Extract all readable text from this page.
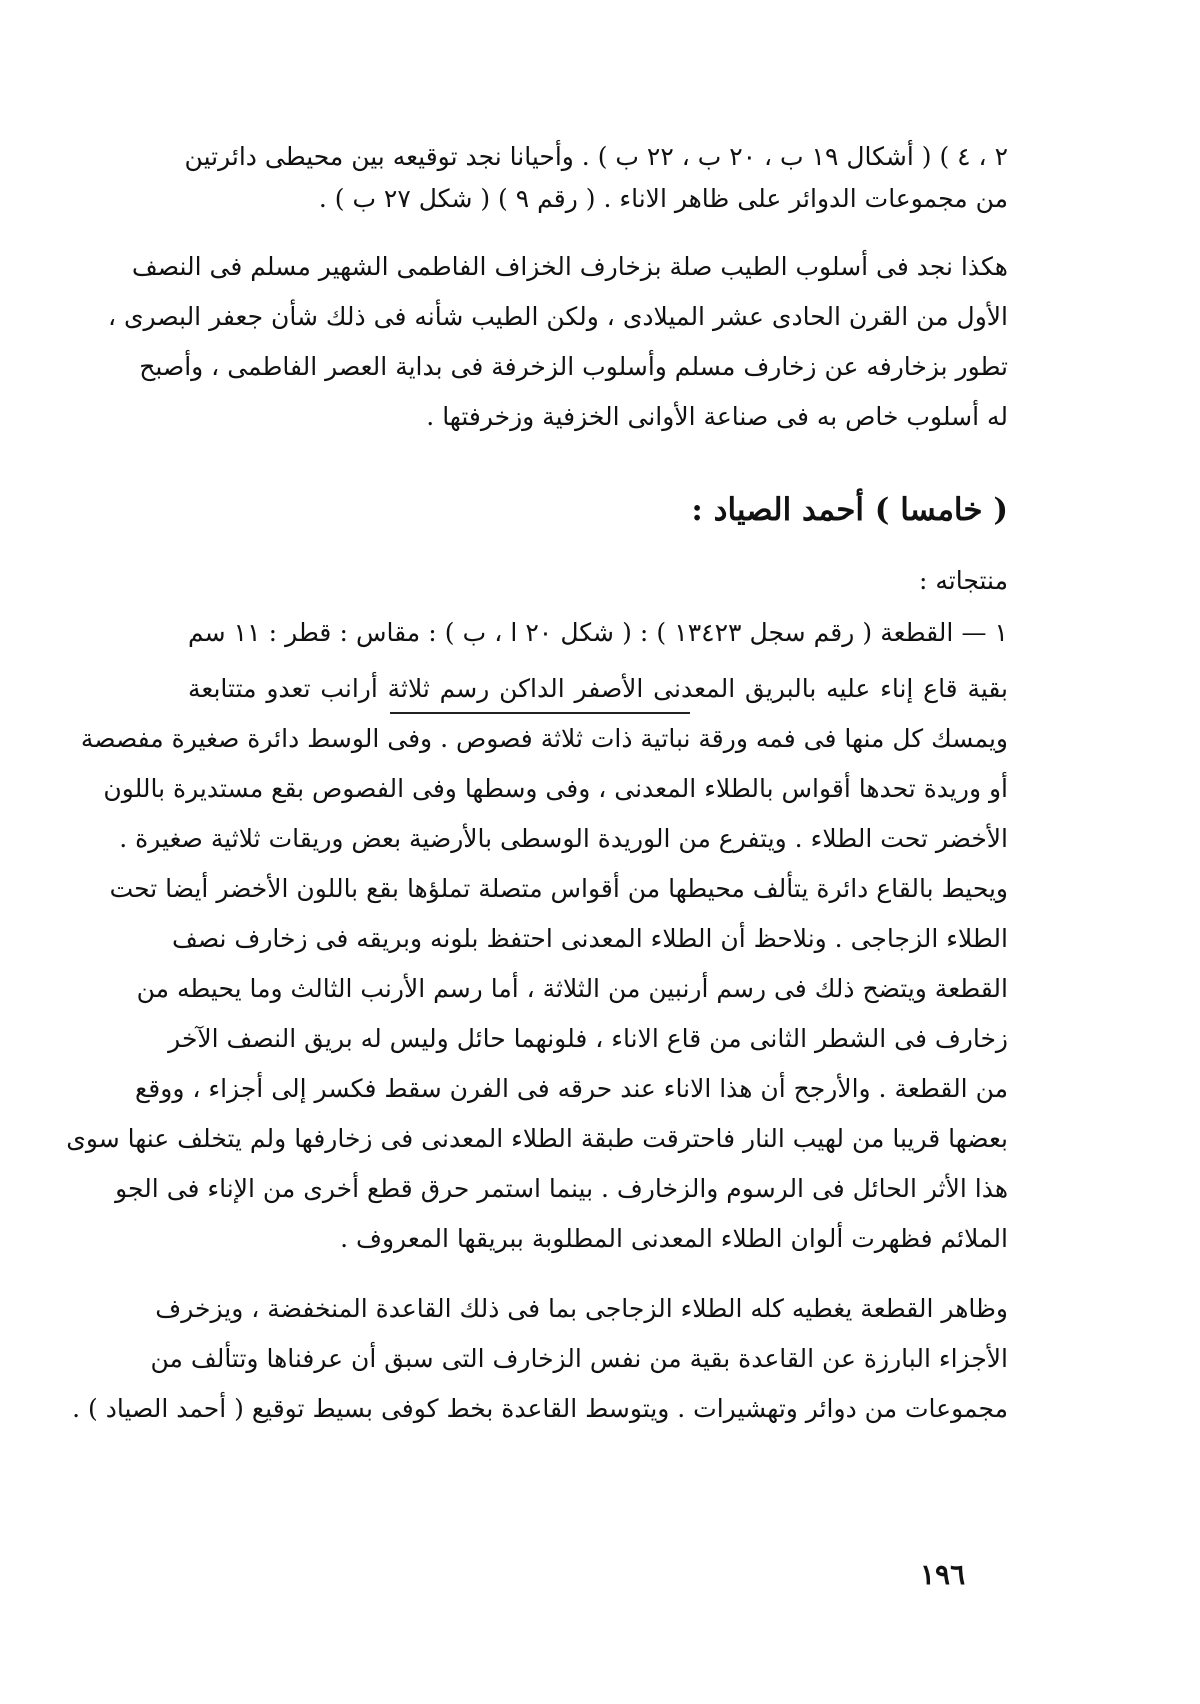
٢ ، ٤ ) ( أشكال ١٩ ب ، ٢٠ ب ، ٢٢ ب ) . وأحيانا نجد توقيعه بين محيطى دائرتين
من مجموعات الدوائر على ظاهر الاناء . ( رقم ٩ ) ( شكل ٢٧ ب ) .
هكذا نجد فى أسلوب الطيب صلة بزخارف الخزاف الفاطمى الشهير مسلم فى النصف
الأول من القرن الحادى عشر الميلادى ، ولكن الطيب شأنه فى ذلك شأن جعفر البصرى ،
تطور بزخارفه عن زخارف مسلم وأسلوب الزخرفة فى بداية العصر الفاطمى ، وأصبح
له أسلوب خاص به فى صناعة الأوانى الخزفية وزخرفتها .
( خامسا ) أحمد الصياد :
منتجاته :
١ — القطعة ( رقم سجل ١٣٤٢٣ ) : ( شكل ٢٠ ا ، ب ) : مقاس : قطر : ١١ سم
بقية قاع إناء عليه بالبريق المعدنى الأصفر الداكن رسم ثلاثة أرانب تعدو متتابعة
ويمسك كل منها فى فمه ورقة نباتية ذات ثلاثة فصوص . وفى الوسط دائرة صغيرة مفصصة
أو وريدة تحدها أقواس بالطلاء المعدنى ، وفى وسطها وفى الفصوص بقع مستديرة باللون
الأخضر تحت الطلاء . ويتفرع من الوريدة الوسطى بالأرضية بعض وريقات ثلاثية صغيرة .
ويحيط بالقاع دائرة يتألف محيطها من أقواس متصلة تملؤها بقع باللون الأخضر أيضا تحت
الطلاء الزجاجى . ونلاحظ أن الطلاء المعدنى احتفظ بلونه وبريقه فى زخارف نصف
القطعة ويتضح ذلك فى رسم أرنبين من الثلاثة ، أما رسم الأرنب الثالث وما يحيطه من
زخارف فى الشطر الثانى من قاع الاناء ، فلونهما حائل وليس له بريق النصف الآخر
من القطعة . والأرجح أن هذا الاناء عند حرقه فى الفرن سقط فكسر إلى أجزاء ، ووقع
بعضها قريبا من لهيب النار فاحترقت طبقة الطلاء المعدنى فى زخارفها ولم يتخلف عنها سوى
هذا الأثر الحائل فى الرسوم والزخارف . بينما استمر حرق قطع أخرى من الإناء فى الجو
الملائم فظهرت ألوان الطلاء المعدنى المطلوبة ببريقها المعروف .
وظاهر القطعة يغطيه كله الطلاء الزجاجى بما فى ذلك القاعدة المنخفضة ، ويزخرف
الأجزاء البارزة عن القاعدة بقية من نفس الزخارف التى سبق أن عرفناها وتتألف من
مجموعات من دوائر وتهشيرات . ويتوسط القاعدة بخط كوفى بسيط توقيع ( أحمد الصياد ) .
١٩٦
